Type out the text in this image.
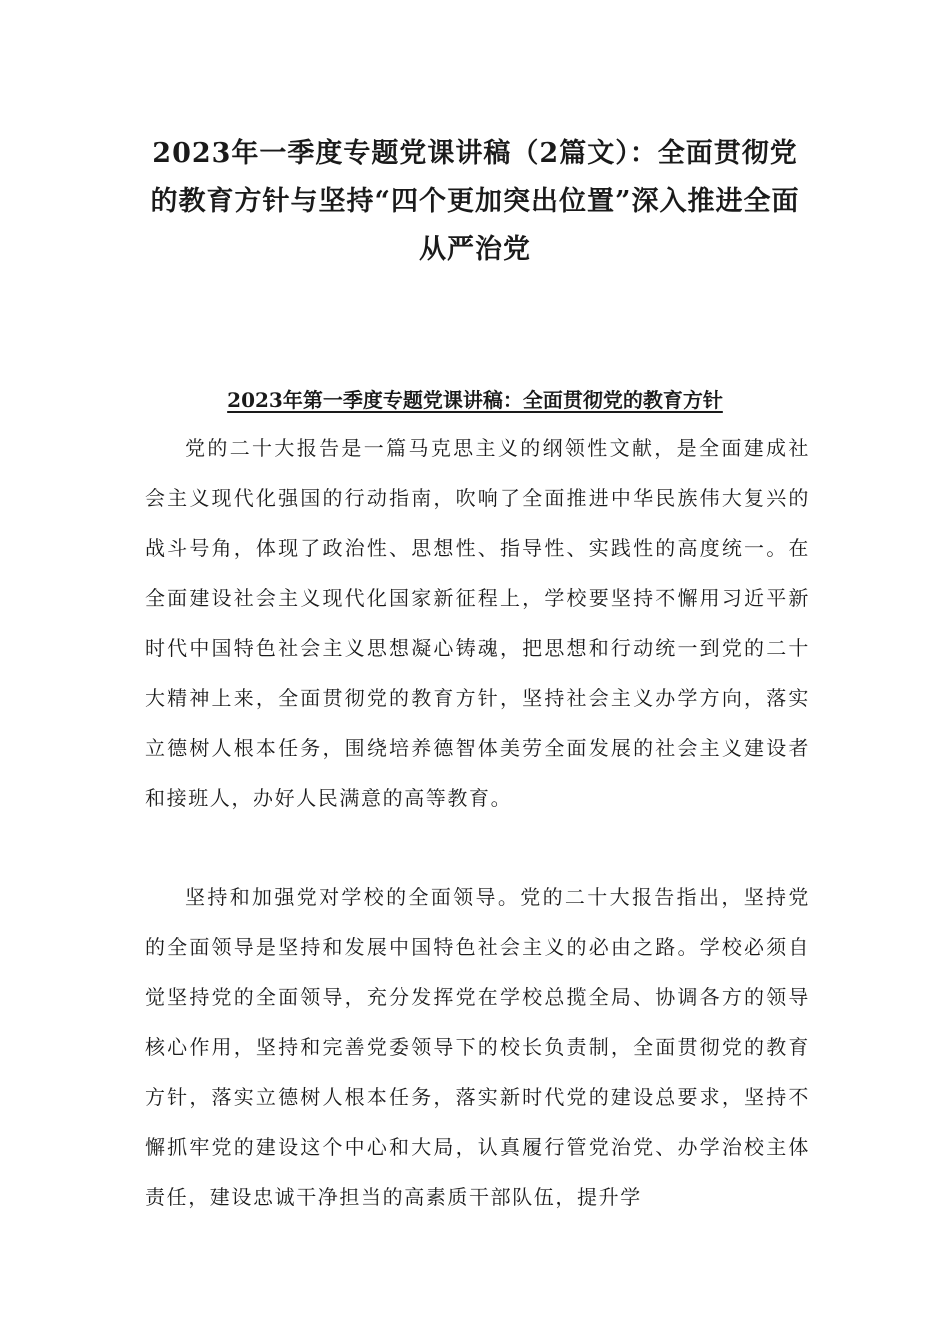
2023年一季度专题党课讲稿（2篇文）：全面贯彻党的教育方针与坚持“四个更加突出位置”深入推进全面从严治党
2023年第一季度专题党课讲稿：全面贯彻党的教育方针

党的二十大报告是一篇马克思主义的纲领性文献，是全面建成社会主义现代化强国的行动指南，吹响了全面推进中华民族伟大复兴的战斗号角，体现了政治性、思想性、指导性、实践性的高度统一。在全面建设社会主义现代化国家新征程上，学校要坚持不懈用习近平新时代中国特色社会主义思想凝心铸魂，把思想和行动统一到党的二十大精神上来，全面贯彻党的教育方针，坚持社会主义办学方向，落实立德树人根本任务，围绕培养德智体美劳全面发展的社会主义建设者和接班人，办好人民满意的高等教育。

坚持和加强党对学校的全面领导。党的二十大报告指出，坚持党的全面领导是坚持和发展中国特色社会主义的必由之路。学校必须自觉坚持党的全面领导，充分发挥党在学校总揽全局、协调各方的领导核心作用，坚持和完善党委领导下的校长负责制，全面贯彻党的教育方针，落实立德树人根本任务，落实新时代党的建设总要求，坚持不懈抓牢党的建设这个中心和大局，认真履行管党治党、办学治校主体责任，建设忠诚干净担当的高素质干部队伍，提升学
